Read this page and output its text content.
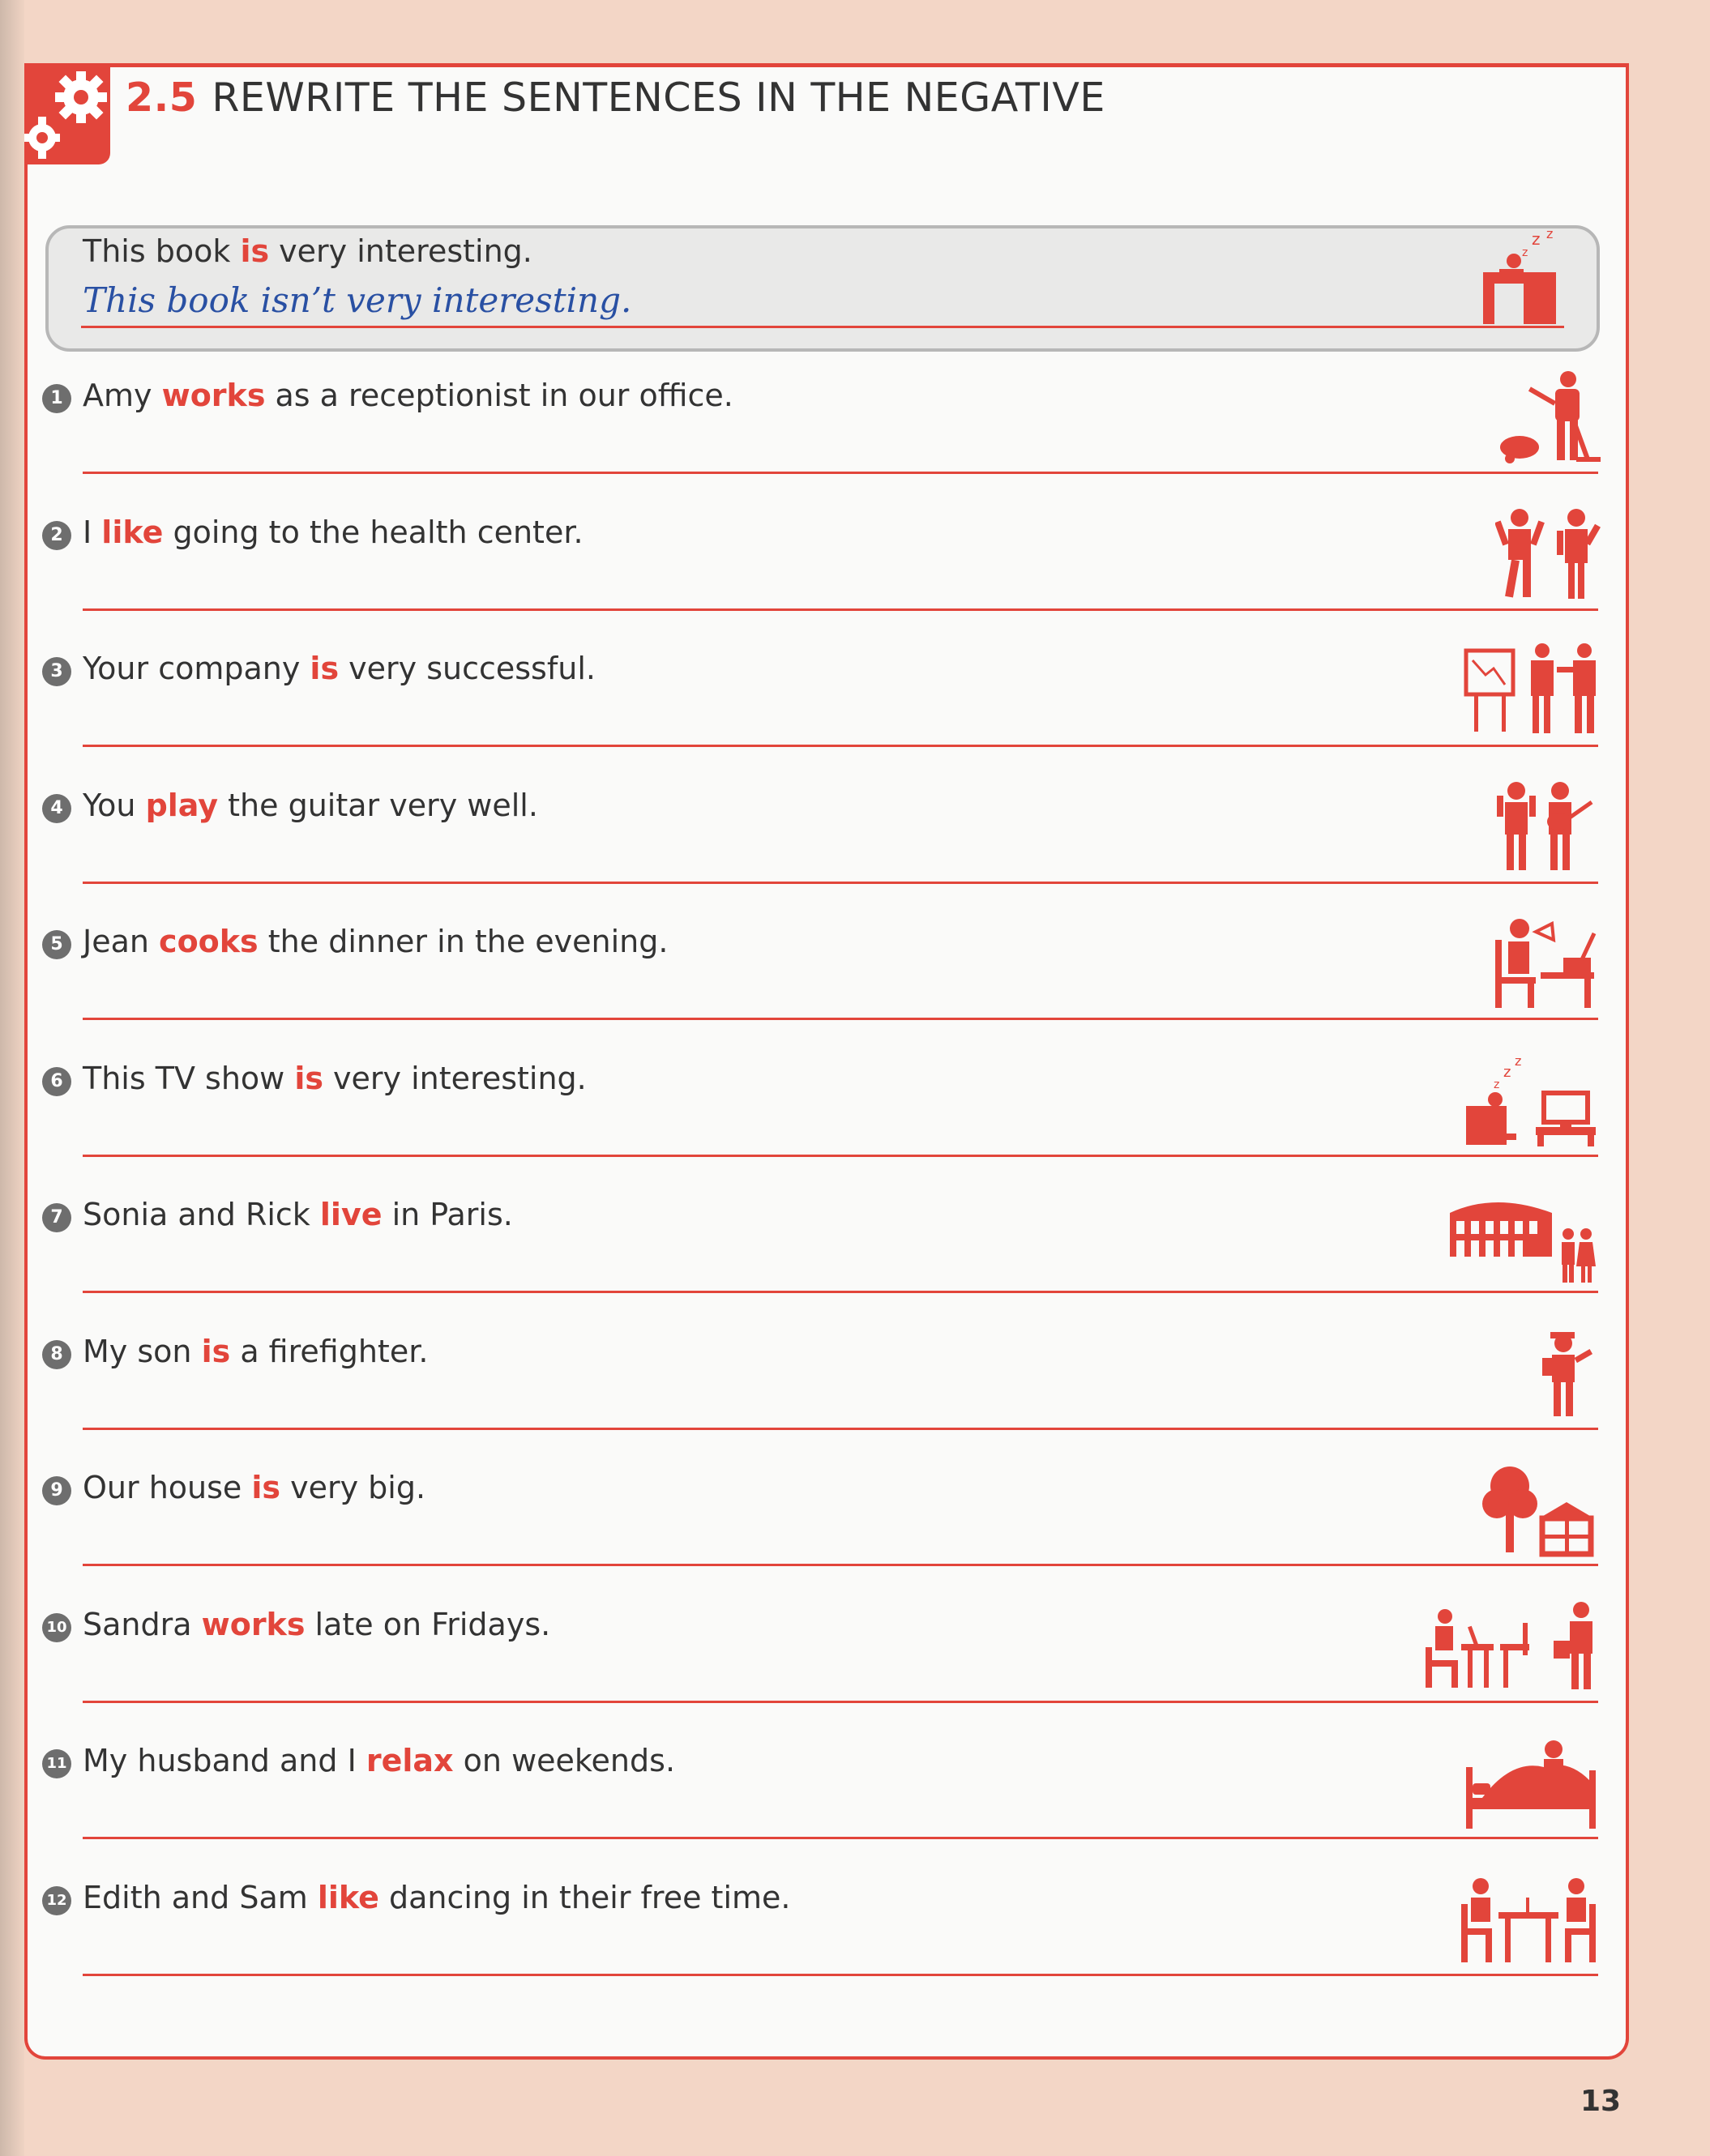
2.5 REWRITE THE SENTENCES IN THE NEGATIVE
This book is very interesting.
This book isn’t very interesting.
z
z
z
1 Amy works as a receptionist in our office.
2 I like going to the health center.
3 Your company is very successful.
4 You play the guitar very well.
5 Jean cooks the dinner in the evening.
6 This TV show is very interesting.	z
z
z
7 Sonia and Rick live in Paris.
8 My son is a firefighter.
9 Our house is very big.
10 Sandra works late on Fridays.
11 My husband and I relax on weekends.
12 Edith and Sam like dancing in their free time.
13
